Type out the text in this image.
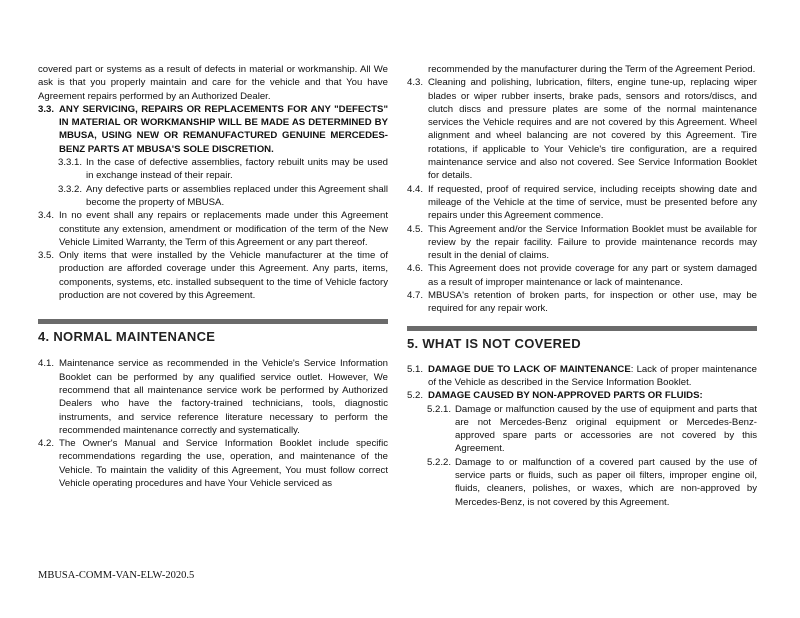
covered part or systems as a result of defects in material or workmanship. All We ask is that you properly maintain and care for the vehicle and that You have Agreement repairs performed by an Authorized Dealer.

3.3. ANY SERVICING, REPAIRS OR REPLACEMENTS FOR ANY "DEFECTS" IN MATERIAL OR WORKMANSHIP WILL BE MADE AS DETERMINED BY MBUSA, USING NEW OR REMANUFACTURED GENUINE MERCEDES-BENZ PARTS AT MBUSA'S SOLE DISCRETION.
3.3.1. In the case of defective assemblies, factory rebuilt units may be used in exchange instead of their repair.
3.3.2. Any defective parts or assemblies replaced under this Agreement shall become the property of MBUSA.
3.4. In no event shall any repairs or replacements made under this Agreement constitute any extension, amendment or modification of the term of the New Vehicle Limited Warranty, the Term of this Agreement or any part thereof.
3.5. Only items that were installed by the Vehicle manufacturer at the time of production are afforded coverage under this Agreement. Any parts, items, components, systems, etc. installed subsequent to the time of Vehicle factory production are not covered by this Agreement.
4. NORMAL MAINTENANCE
4.1. Maintenance service as recommended in the Vehicle's Service Information Booklet can be performed by any qualified service outlet. However, We recommend that all maintenance service work be performed by Authorized Dealers who have the factory-trained technicians, tools, diagnostic instruments, and service reference literature necessary to perform the recommended maintenance correctly and systematically.
4.2. The Owner's Manual and Service Information Booklet include specific recommendations regarding the use, operation, and maintenance of the Vehicle. To maintain the validity of this Agreement, You must follow correct Vehicle operating procedures and have Your Vehicle serviced as

recommended by the manufacturer during the Term of the Agreement Period.

4.3. Cleaning and polishing, lubrication, filters, engine tune-up, replacing wiper blades or wiper rubber inserts, brake pads, sensors and rotors/discs, and clutch discs and pressure plates are some of the normal maintenance services the Vehicle requires and are not covered by this Agreement. Wheel alignment and wheel balancing are not covered by this Agreement. Tire rotations, if applicable to Your Vehicle's tire configuration, are a required maintenance service and also not covered. See Service Information Booklet for details.
4.4. If requested, proof of required service, including receipts showing date and mileage of the Vehicle at the time of service, must be presented before any repairs under this Agreement commence.
4.5. This Agreement and/or the Service Information Booklet must be available for review by the repair facility. Failure to provide maintenance records may result in the denial of claims.
4.6. This Agreement does not provide coverage for any part or system damaged as a result of improper maintenance or lack of maintenance.
4.7. MBUSA's retention of broken parts, for inspection or other use, may be required for any repair work.
5. WHAT IS NOT COVERED
5.1. DAMAGE DUE TO LACK OF MAINTENANCE: Lack of proper maintenance of the Vehicle as described in the Service Information Booklet.
5.2. DAMAGE CAUSED BY NON-APPROVED PARTS OR FLUIDS:
5.2.1. Damage or malfunction caused by the use of equipment and parts that are not Mercedes-Benz original equipment or Mercedes-Benz-approved spare parts or accessories are not covered by this Agreement.
5.2.2. Damage to or malfunction of a covered part caused by the use of service parts or fluids, such as paper oil filters, improper engine oil, fluids, cleaners, polishes, or waxes, which are non-approved by Mercedes-Benz, is not covered by this Agreement.
MBUSA-COMM-VAN-ELW-2020.5
